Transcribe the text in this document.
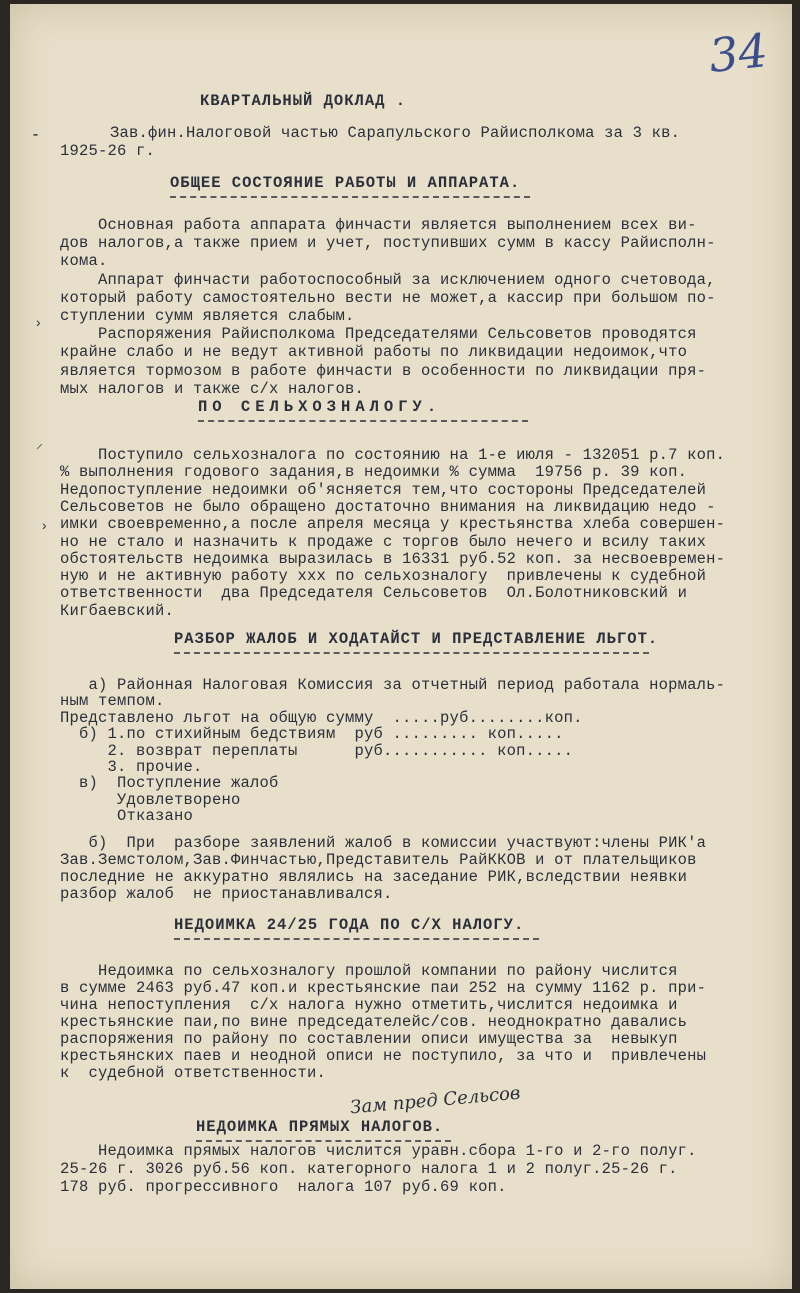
34
КВАРТАЛЬНЫЙ ДОКЛАД .
Зав.фин.Налоговой частью Сарапульского Райисполкома за 3 кв.
1925-26 г.
ОБЩЕЕ СОСТОЯНИЕ РАБОТЫ И АППАРАТА.
Основная работа аппарата финчасти является выполнением всех ви-
дов налогов,а также прием и учет, поступивших сумм в кассу Райисполн-
кома.
Аппарат финчасти работоспособный за исключением одного счетовода,
который работу самостоятельно вести не может,а кассир при большом по-
ступлении сумм является слабым.
Распоряжения Райисполкома Председателями Сельсоветов проводятся
крайне слабо и не ведут активной работы по ликвидации недоимок,что
является тормозом в работе финчасти в особенности по ликвидации пря-
мых налогов и также с/х налогов.
ПО СЕЛЬХОЗНАЛОГУ.
Поступило сельхозналога по состоянию на 1-е июля - 132051 р.7 коп.
% выполнения годового задания,в недоимки % сумма  19756 р. 39 коп.
Недопоступление недоимки об'ясняется тем,что состороны Председателей
Сельсоветов не было обращено достаточно внимания на ликвидацию недо -
имки своевременно,а после апреля месяца у крестьянства хлеба совершен-
но не стало и назначить к продаже с торгов было нечего и всилу таких
обстоятельств недоимка выразилась в 16331 руб.52 коп. за несвоевремен-
ную и не активную работу ххх по сельхозналогу  привлечены к судебной
ответственности  два Председателя Сельсоветов  Ол.Болотниковский и
Кигбаевский.
РАЗБОР ЖАЛОБ И ХОДАТАЙСТ И ПРЕДСТАВЛЕНИЕ ЛЬГОТ.
а) Районная Налоговая Комиссия за отчетный период работала нормаль-
ным темпом.
Представлено льгот на общую сумму  .....руб........коп.
б) 1.по стихийным бедствиям  руб ......... коп.....
2. возврат переплаты      руб........... коп.....
3. прочие.
в)  Поступление жалоб
Удовлетворено
Отказано
б)  При  разборе заявлений жалоб в комиссии участвуют:члены РИК'а
Зав.Земстолом,Зав.Финчастью,Представитель РайККОВ и от плательщиков
последние не аккуратно являлись на заседание РИК,вследствии неявки
разбор жалоб  не приостанавливался.
НЕДОИМКА 24/25 ГОДА ПО С/Х НАЛОГУ.
Недоимка по сельхозналогу прошлой компании по району числится
в сумме 2463 руб.47 коп.и крестьянские паи 252 на сумму 1162 р. при-
чина непоступления  с/х налога нужно отметить,числится недоимка и
крестьянские паи,по вине председателейс/сов. неоднократно давались
распоряжения по району по составлении описи имущества за  невыкуп
крестьянских паев и неодной описи не поступило, за что и  привлечены
к  судебной ответственности.
Зам пред Сельсов
НЕДОИМКА ПРЯМЫХ НАЛОГОВ.
Недоимка прямых налогов числится уравн.сбора 1-го и 2-го полуг.
25-26 г. 3026 руб.56 коп. категорного налога 1 и 2 полуг.25-26 г.
178 руб. прогрессивного  налога 107 руб.69 коп.
⁃
›
⸝
›
